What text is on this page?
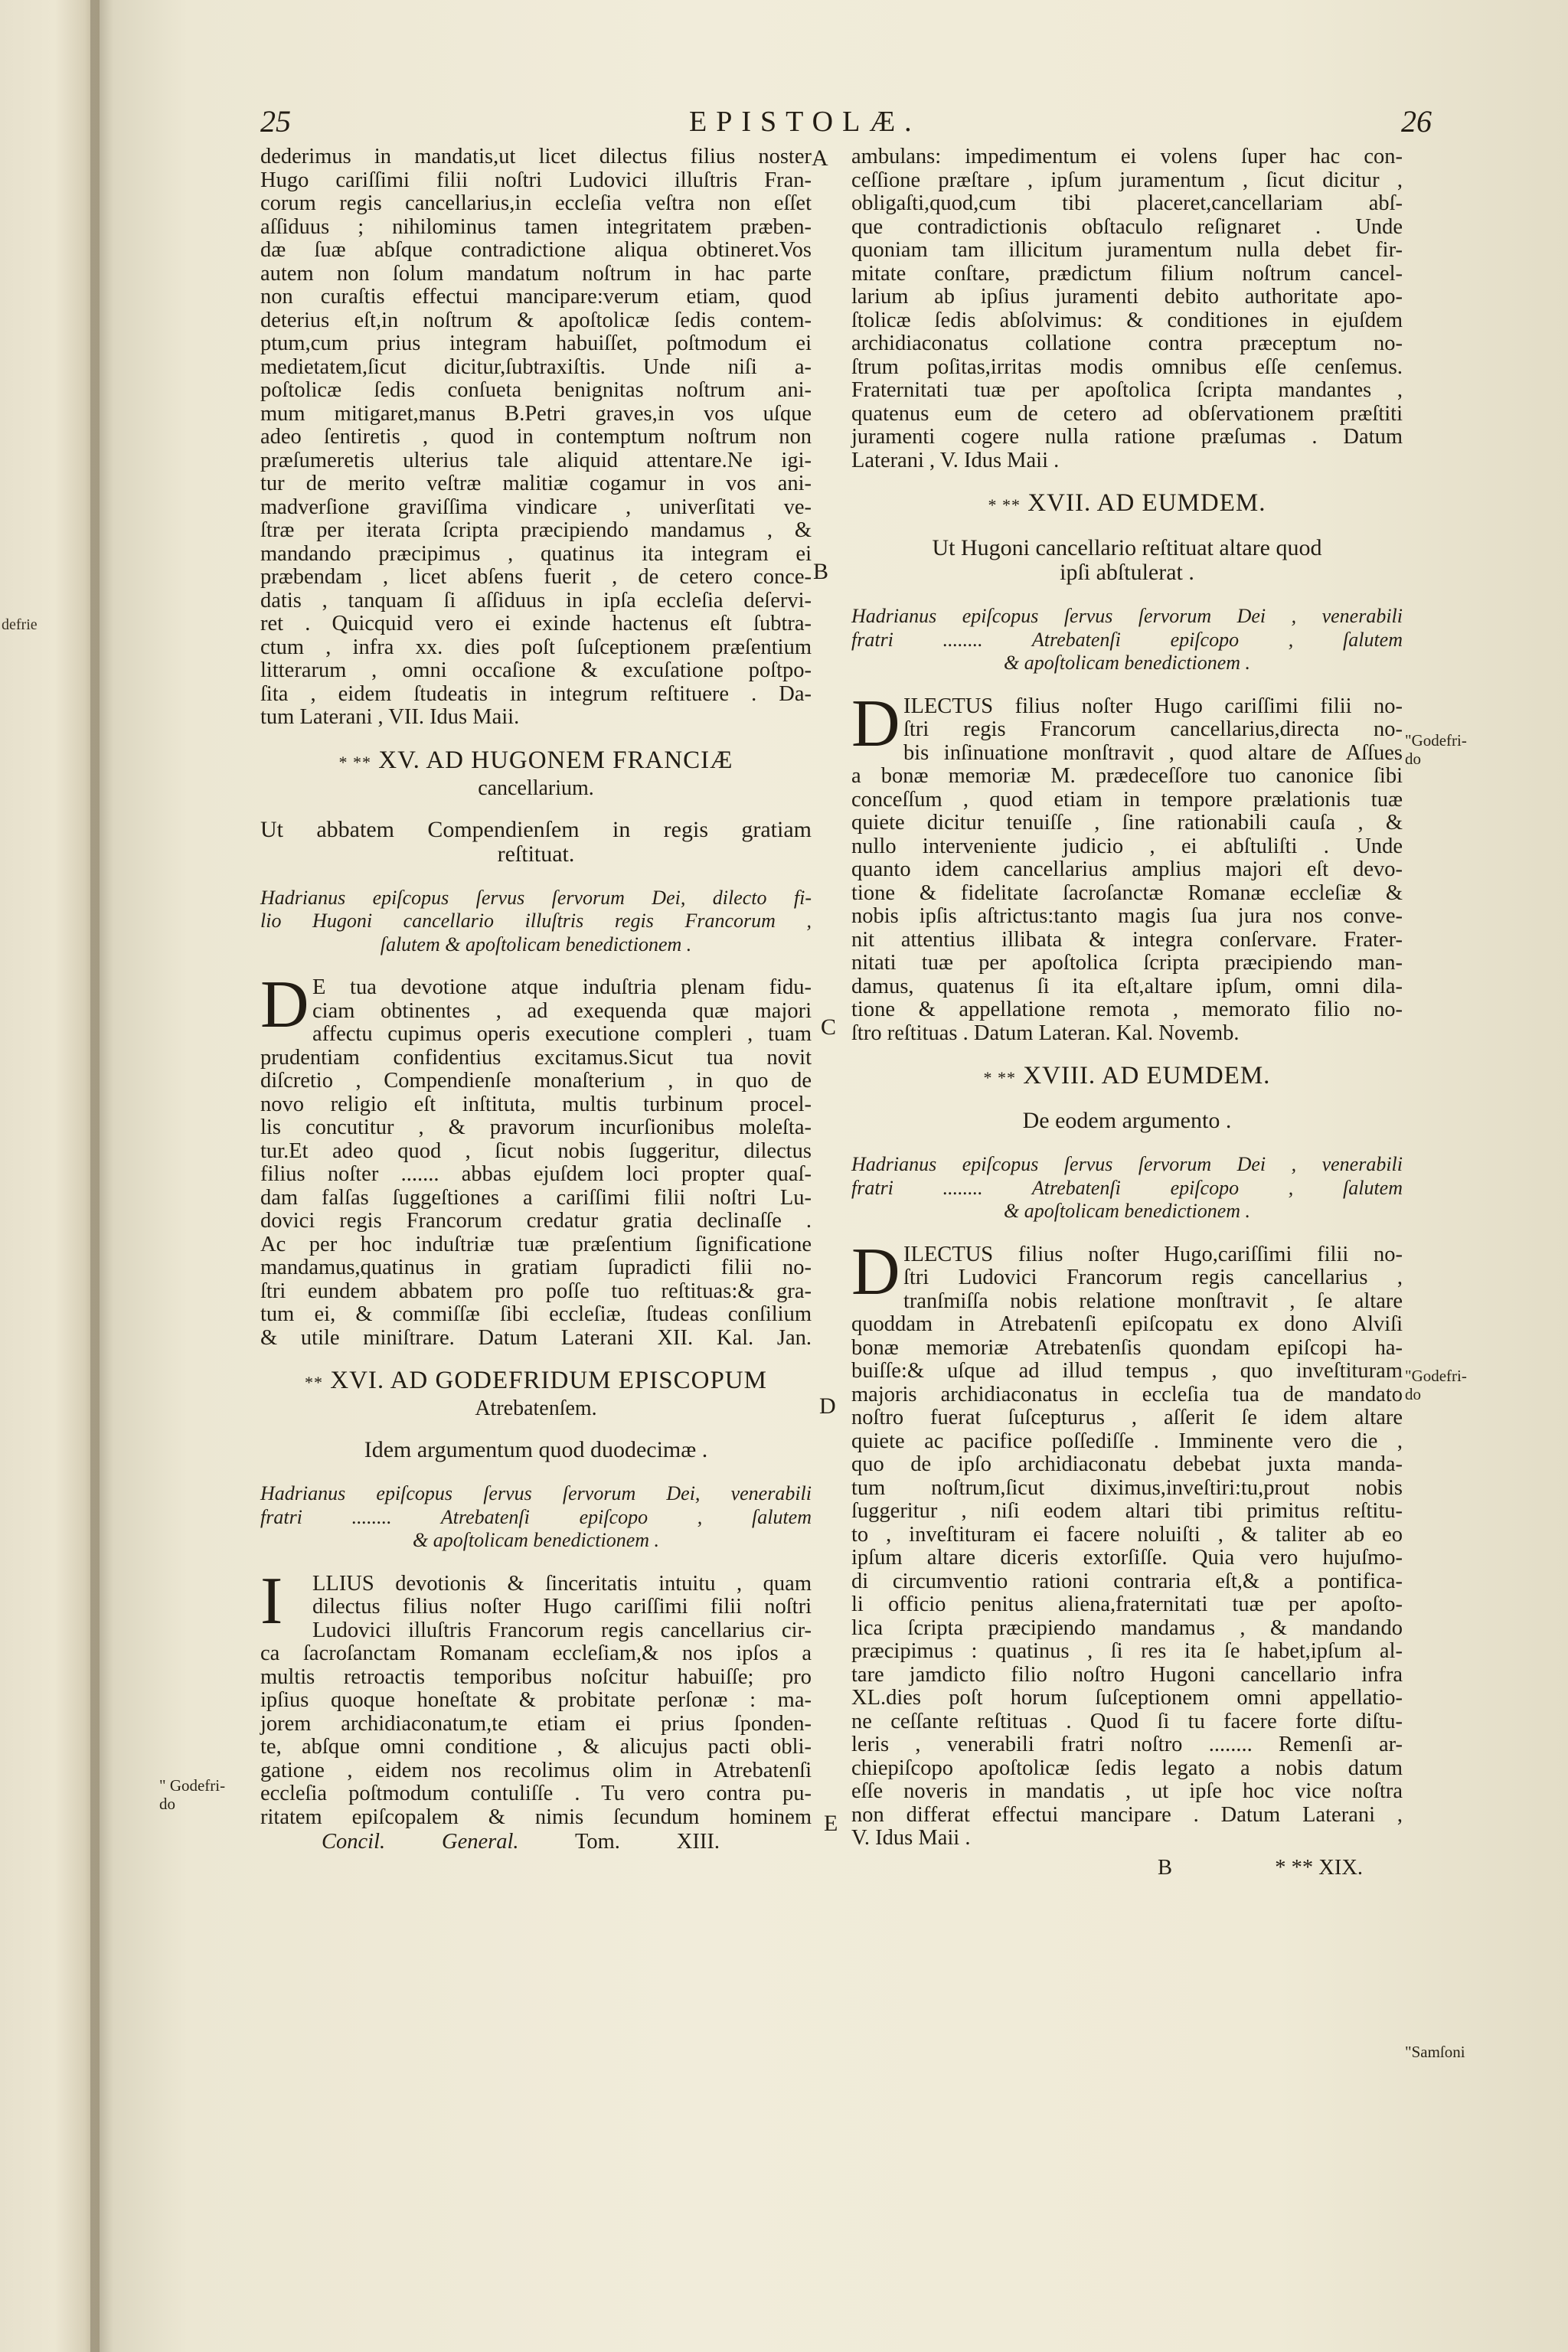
defrie
25	EPISTOLÆ.	26
dederimus in mandatis,ut licet dilectus filius noster
Hugo cariſſimi filii noſtri Ludovici illuſtris Fran-
corum regis cancellarius,in eccleſia veſtra non eſſet
aſſiduus ; nihilominus tamen integritatem præben-
dæ ſuæ abſque contradictione aliqua obtineret.Vos
autem non ſolum mandatum noſtrum in hac parte
non curaſtis effectui mancipare:verum etiam, quod
deterius eſt,in noſtrum & apoſtolicæ ſedis contem-
ptum,cum prius integram habuiſſet, poſtmodum ei
medietatem,ſicut dicitur,ſubtraxiſtis. Unde niſi a-
poſtolicæ ſedis conſueta benignitas noſtrum ani-
mum mitigaret,manus B.Petri graves,in vos uſque
adeo ſentiretis , quod in contemptum noſtrum non
præſumeretis ulterius tale aliquid attentare.Ne igi-
tur de merito veſtræ malitiæ cogamur in vos ani-
madverſione graviſſima vindicare , univerſitati ve-
ſtræ per iterata ſcripta præcipiendo mandamus , &
mandando præcipimus , quatinus ita integram ei
præbendam , licet abſens fuerit , de cetero conce-
datis , tanquam ſi aſſiduus in ipſa eccleſia deſervi-
ret . Quicquid vero ei exinde hactenus eſt ſubtra-
ctum , infra xx. dies poſt ſuſceptionem præſentium
litterarum , omni occaſione & excuſatione poſtpo-
ſita , eidem ſtudeatis in integrum reſtituere . Da-
tum Laterani , VII. Idus Maii.
* ** XV. AD HUGONEM FRANCIÆ
cancellarium.
Ut abbatem Compendienſem in regis gratiam
reſtituat.
Hadrianus epiſcopus ſervus ſervorum Dei, dilecto fi-
lio Hugoni cancellario illuſtris regis Francorum ,
ſalutem & apoſtolicam benedictionem .
D E tua devotione atque induſtria plenam fidu-
ciam obtinentes , ad exequenda quæ majori
affectu cupimus operis executione compleri , tuam
prudentiam confidentius excitamus.Sicut tua novit
diſcretio , Compendienſe monaſterium , in quo de
novo religio eſt inſtituta, multis turbinum procel-
lis concutitur , & pravorum incurſionibus moleſta-
tur.Et adeo quod , ſicut nobis ſuggeritur, dilectus
filius noſter ....... abbas ejuſdem loci propter quaſ-
dam falſas ſuggeſtiones a cariſſimi filii noſtri Lu-
dovici regis Francorum credatur gratia declinaſſe .
Ac per hoc induſtriæ tuæ præſentium ſignificatione
mandamus,quatinus in gratiam ſupradicti filii no-
ſtri eundem abbatem pro poſſe tuo reſtituas:& gra-
tum ei, & commiſſæ ſibi eccleſiæ, ſtudeas conſilium
& utile miniſtrare. Datum Laterani XII. Kal. Jan.
** XVI. AD GODEFRIDUM EPISCOPUM
Atrebatenſem.
Idem argumentum quod duodecimæ .
Hadrianus epiſcopus ſervus ſervorum Dei, venerabili
fratri ........ Atrebatenſi epiſcopo , ſalutem
& apoſtolicam benedictionem .
I	LLIUS devotionis & ſinceritatis intuitu , quam
dilectus filius noſter Hugo cariſſimi filii noſtri
Ludovici illuſtris Francorum regis cancellarius cir-
ca ſacroſanctam Romanam eccleſiam,& nos ipſos a
multis retroactis temporibus noſcitur habuiſſe; pro
ipſius quoque honeſtate & probitate perſonæ : ma-
jorem archidiaconatum,te etiam ei prius ſponden-
te, abſque omni conditione , & alicujus pacti obli-
gatione , eidem nos recolimus olim in Atrebatenſi
eccleſia poſtmodum contuliſſe . Tu vero contra pu-
ritatem epiſcopalem & nimis ſecundum hominem
Concil. General.	Tom. XIII.
ambulans: impedimentum ei volens ſuper hac con-
ceſſione præſtare , ipſum juramentum , ſicut dicitur ,
obligaſti,quod,cum tibi placeret,cancellariam abſ-
que contradictionis obſtaculo reſignaret . Unde
quoniam tam illicitum juramentum nulla debet fir-
mitate conſtare, prædictum filium noſtrum cancel-
larium ab ipſius juramenti debito authoritate apo-
ſtolicæ ſedis abſolvimus: & conditiones in ejuſdem
archidiaconatus collatione contra præceptum no-
ſtrum poſitas,irritas modis omnibus eſſe cenſemus.
Fraternitati tuæ per apoſtolica ſcripta mandantes ,
quatenus eum de cetero ad obſervationem præſtiti
juramenti cogere nulla ratione præſumas . Datum
Laterani , V. Idus Maii .
* ** XVII. AD EUMDEM.
Ut Hugoni cancellario reſtituat altare quod
ipſi abſtulerat .
Hadrianus epiſcopus ſervus ſervorum Dei , venerabili
fratri ........ Atrebatenſi epiſcopo , ſalutem
& apoſtolicam benedictionem .
D ILECTUS filius noſter Hugo cariſſimi filii no-
ſtri regis Francorum cancellarius,directa no-
bis inſinuatione monſtravit , quod altare de Aſſues
a bonæ memoriæ M. prædeceſſore tuo canonice ſibi
conceſſum , quod etiam in tempore prælationis tuæ
quiete dicitur tenuiſſe , ſine rationabili cauſa , &
nullo interveniente judicio , ei abſtuliſti . Unde
quanto idem cancellarius amplius majori eſt devo-
tione & fidelitate ſacroſanctæ Romanæ eccleſiæ &
nobis ipſis aſtrictus:tanto magis ſua jura nos conve-
nit attentius illibata & integra conſervare. Frater-
nitati tuæ per apoſtolica ſcripta præcipiendo man-
damus, quatenus ſi ita eſt,altare ipſum, omni dila-
tione & appellatione remota , memorato filio no-
ſtro reſtituas . Datum Lateran. Kal. Novemb.
* ** XVIII. AD EUMDEM.
De eodem argumento .
Hadrianus epiſcopus ſervus ſervorum Dei , venerabili
fratri ........ Atrebatenſi epiſcopo , ſalutem
& apoſtolicam benedictionem .
D ILECTUS filius noſter Hugo,cariſſimi filii no-
ſtri Ludovici Francorum regis cancellarius ,
tranſmiſſa nobis relatione monſtravit , ſe altare
quoddam in Atrebatenſi epiſcopatu ex dono Alviſi
bonæ memoriæ Atrebatenſis quondam epiſcopi ha-
buiſſe:& uſque ad illud tempus , quo inveſtituram
majoris archidiaconatus in eccleſia tua de mandato
noſtro fuerat ſuſcepturus , aſſerit ſe idem altare
quiete ac pacifice poſſediſſe . Imminente vero die ,
quo de ipſo archidiaconatu debebat juxta manda-
tum noſtrum,ſicut diximus,inveſtiri:tu,prout nobis
ſuggeritur , niſi eodem altari tibi primitus reſtitu-
to , inveſtituram ei facere noluiſti , & taliter ab eo
ipſum altare diceris extorſiſſe. Quia vero hujuſmo-
di circumventio rationi contraria eſt,& a pontifica-
li officio penitus aliena,fraternitati tuæ per apoſto-
lica ſcripta præcipiendo mandamus , & mandando
præcipimus : quatinus , ſi res ita ſe habet,ipſum al-
tare jamdicto filio noſtro Hugoni cancellario infra
XL.dies poſt horum ſuſceptionem omni appellatio-
ne ceſſante reſtituas . Quod ſi tu facere forte diſtu-
leris , venerabili fratri noſtro ........ Remenſi ar-
chiepiſcopo apoſtolicæ ſedis legato a nobis datum
eſſe noveris in mandatis , ut ipſe hoc vice noſtra
non differat effectui mancipare . Datum Laterani ,
V. Idus Maii .
B	* ** XIX.
A
B
C
D
E
"Godefri-
do
"Godefri-
do
" Godefri-
do
"Samſoni
